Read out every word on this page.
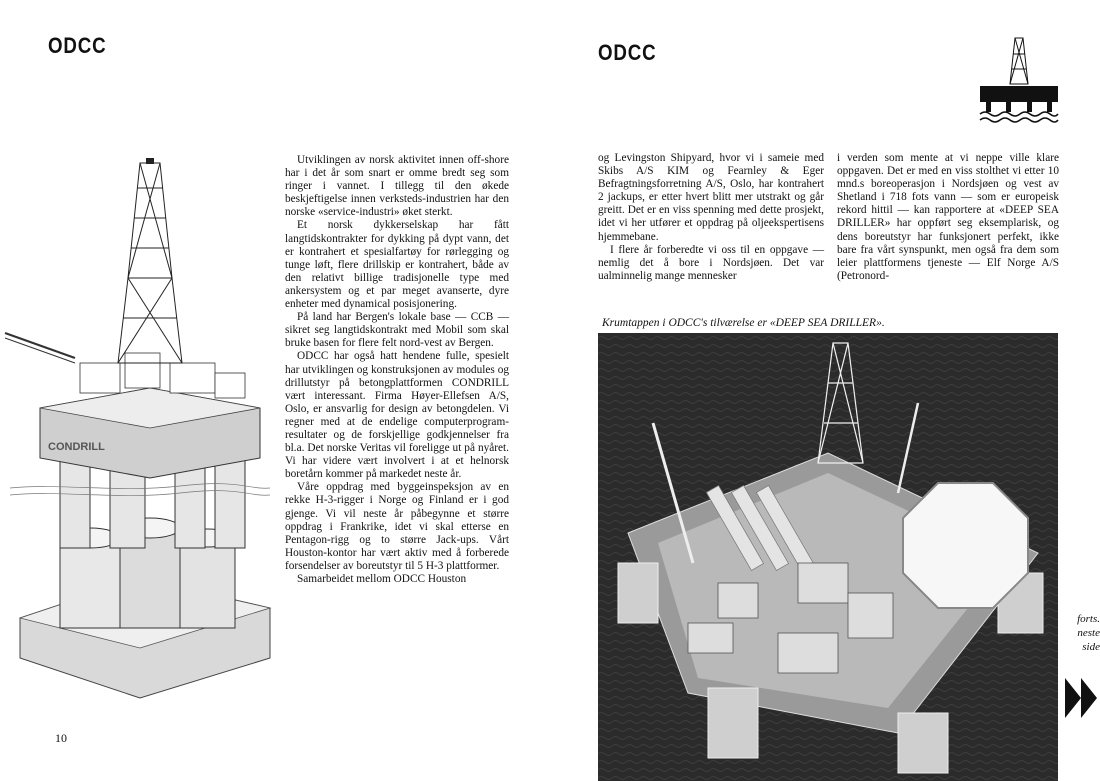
ODCC
CONDRILL

Utviklingen av norsk aktivitet innen off-shore har i det år som snart er omme bredt seg som ringer i vannet. I tillegg til den økede beskjeftigelse innen verksteds-industrien har den norske «service-industri» øket sterkt.

Et norsk dykkerselskap har fått langtidskontrakter for dykking på dypt vann, det er kontrahert et spesialfartøy for rørlegging og tunge løft, flere drillskip er kontrahert, både av den relativt billige tradisjonelle type med ankersystem og et par meget avanserte, dyre enheter med dynamical posisjonering.

På land har Bergen's lokale base — CCB — sikret seg langtidskontrakt med Mobil som skal bruke basen for flere felt nord-vest av Bergen.

ODCC har også hatt hendene fulle, spesielt har utviklingen og konstruksjonen av modules og drillutstyr på betongplattformen CONDRILL vært interessant. Firma Høyer-Ellefsen A/S, Oslo, er ansvarlig for design av betongdelen. Vi regner med at de endelige computerprogram-resultater og de forskjellige godkjennelser fra bl.a. Det norske Veritas vil foreligge ut på nyåret. Vi har videre vært involvert i at et helnorsk boretårn kommer på markedet neste år.

Våre oppdrag med byggeinspeksjon av en rekke H-3-rigger i Norge og Finland er i god gjenge. Vi vil neste år påbegynne et større oppdrag i Frankrike, idet vi skal etterse en Pentagon-rigg og to større Jack-ups. Vårt Houston-kontor har vært aktiv med å forberede forsendelser av boreutstyr til 5 H-3 plattformer.

Samarbeidet mellom ODCC Houston

10
ODCC

og Levingston Shipyard, hvor vi i sameie med Skibs A/S KIM og Fearnley & Eger Befragtningsforretning A/S, Oslo, har kontrahert 2 jackups, er etter hvert blitt mer utstrakt og går greitt. Det er en viss spenning med dette prosjekt, idet vi her utfører et oppdrag på oljeekspertisens hjemmebane.

I flere år forberedte vi oss til en oppgave — nemlig det å bore i Nordsjøen. Det var ualminnelig mange mennesker

i verden som mente at vi neppe ville klare oppgaven. Det er med en viss stolthet vi etter 10 mnd.s boreoperasjon i Nordsjøen og vest av Shetland i 718 fots vann — som er europeisk rekord hittil — kan rapportere at «DEEP SEA DRILLER» har oppført seg eksemplarisk, og dens boreutstyr har funksjonert perfekt, ikke bare fra vårt synspunkt, men også fra dem som leier plattformens tjeneste — Elf Norge A/S (Petronord-

Krumtappen i ODCC's tilværelse er «DEEP SEA DRILLER».
forts.
neste
side
